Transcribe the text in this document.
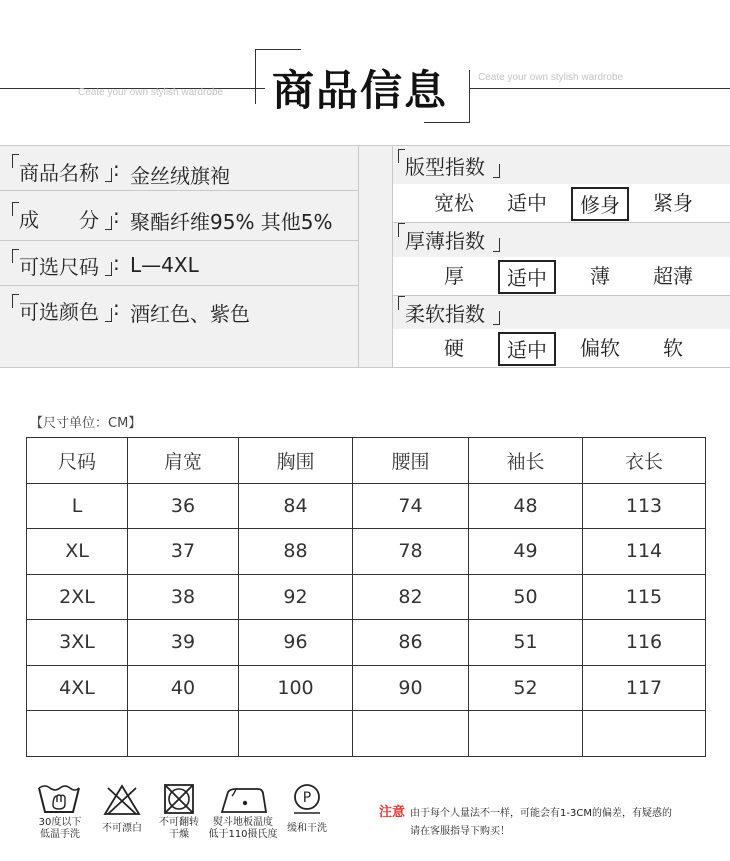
商品信息
Ceate your own stylish wardrobe
Ceate your own stylish wardrobe
商品名称 : 金丝绒旗袍
成　　分 : 聚酯纤维95% 其他5%
可选尺码 : L—4XL
可选颜色 : 酒红色、紫色
版型指数
宽松 适中	修身	紧身
厚薄指数
厚	适中	薄 超薄
柔软指数
硬	适中	偏软 软
【尺寸单位：CM】
尺码	肩宽	胸围	腰围	袖长	衣长
L	36	84	74	48	113
XL	37	88	78	49	114
2XL	38	92	82	50	115
3XL	39	96	86	51	116
4XL	40	100	90	52	117

30度以下
低温手洗
不可漂白
不可翻转
干燥
熨斗地板温度
低于110摄氏度
P
缓和干洗
注意 由于每个人量法不一样，可能会有1-3CM的偏差，有疑惑的
请在客服指导下购买！
